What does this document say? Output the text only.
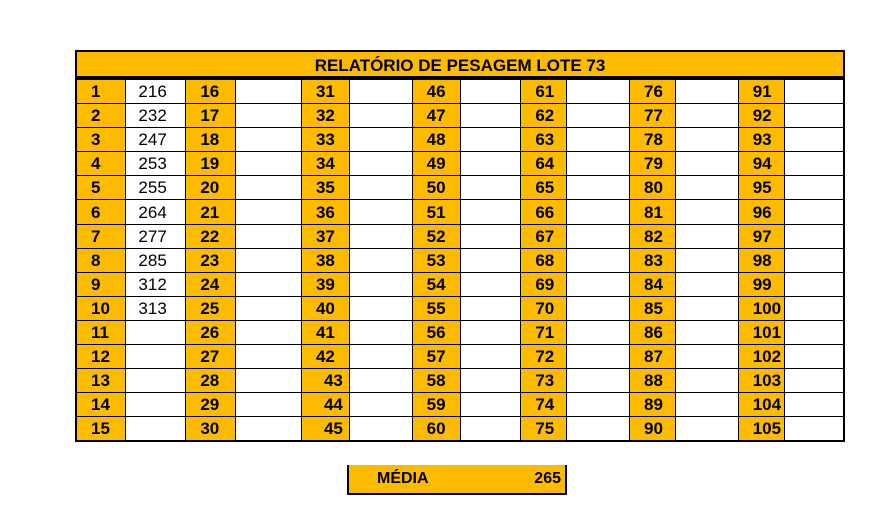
RELATÓRIO DE PESAGEM LOTE 73
1	216	16		31		46		61		76		91	
2	232	17		32		47		62		77		92	
3	247	18		33		48		63		78		93	
4	253	19		34		49		64		79		94	
5	255	20		35		50		65		80		95	
6	264	21		36		51		66		81		96	
7	277	22		37		52		67		82		97	
8	285	23		38		53		68		83		98	
9	312	24		39		54		69		84		99	
10	313	25		40		55		70		85		100	
11		26		41		56		71		86		101	
12		27		42		57		72		87		102	
13		28		43		58		73		88		103	
14		29		44		59		74		89		104	
15		30		45		60		75		90		105	
MÉDIA	265
